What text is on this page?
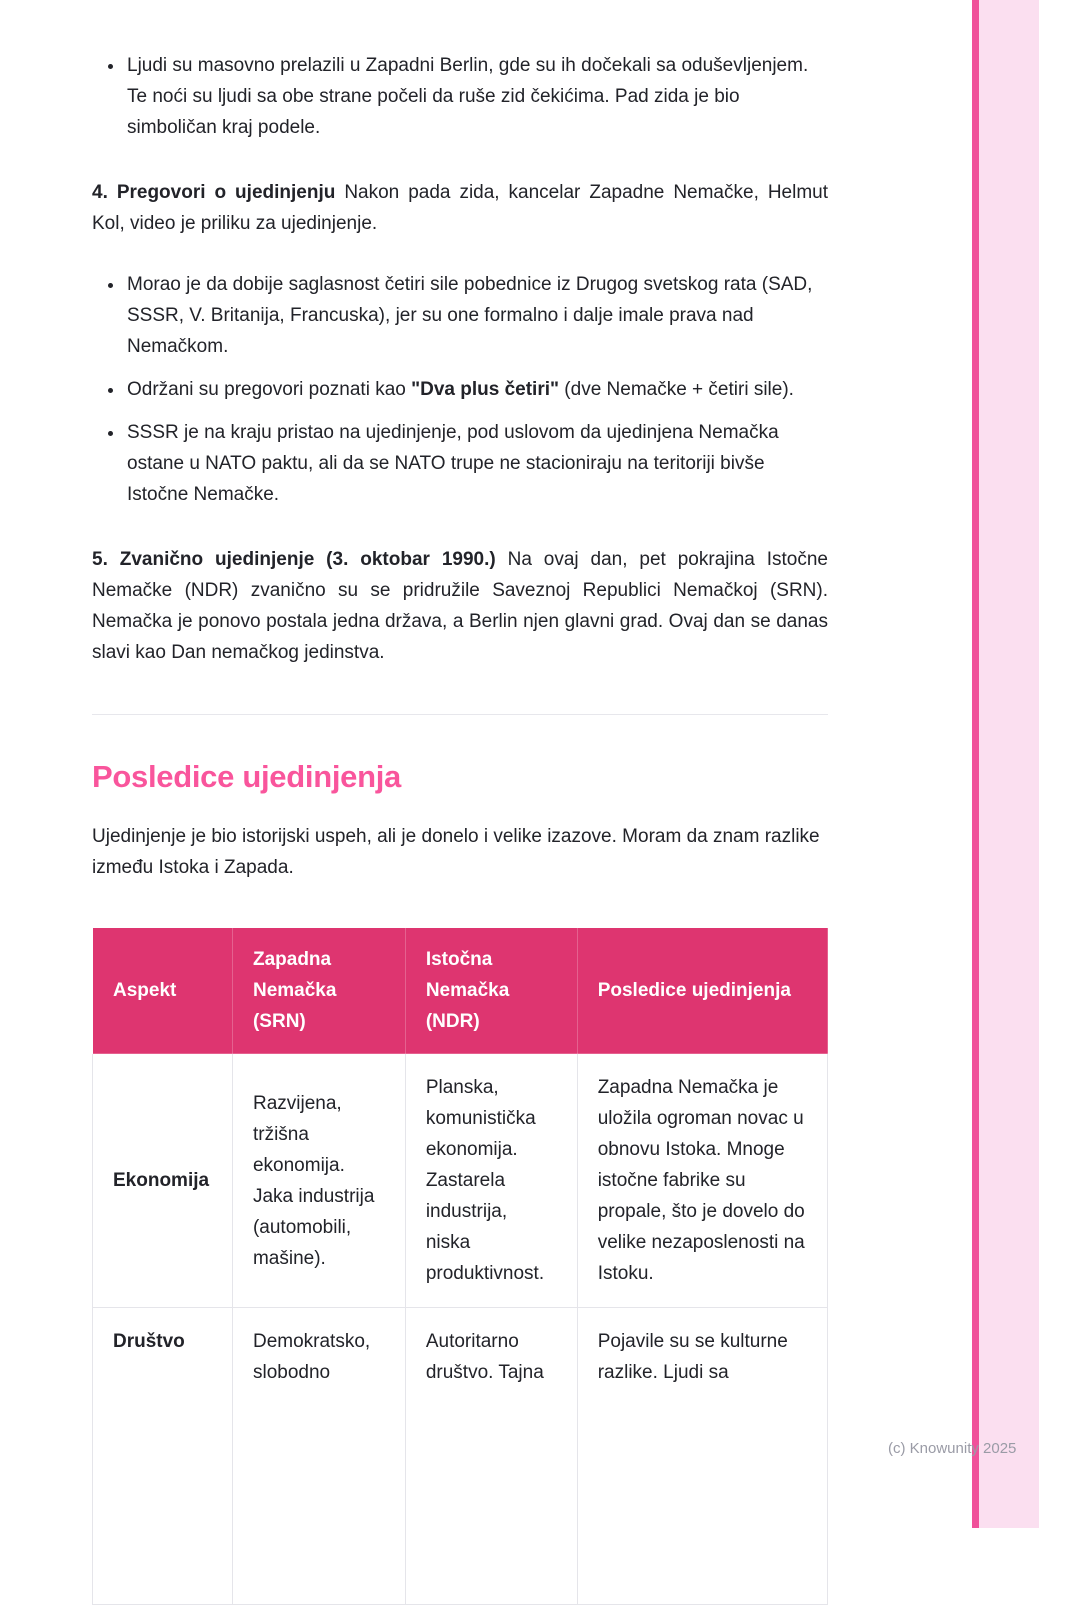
(c) Knowunity 2025
• Ljudi su masovno prelazili u Zapadni Berlin, gde su ih dočekali sa oduševljenjem. Te noći su ljudi sa obe strane počeli da ruše zid čekićima. Pad zida je bio simboličan kraj podele.

4. Pregovori o ujedinjenju Nakon pada zida, kancelar Zapadne Nemačke, Helmut Kol, video je priliku za ujedinjenje.

• Morao je da dobije saglasnost četiri sile pobednice iz Drugog svetskog rata (SAD, SSSR, V. Britanija, Francuska), jer su one formalno i dalje imale prava nad Nemačkom.
• Održani su pregovori poznati kao "Dva plus četiri" (dve Nemačke + četiri sile).
• SSSR je na kraju pristao na ujedinjenje, pod uslovom da ujedinjena Nemačka ostane u NATO paktu, ali da se NATO trupe ne stacioniraju na teritoriji bivše Istočne Nemačke.

5. Zvanično ujedinjenje (3. oktobar 1990.) Na ovaj dan, pet pokrajina Istočne Nemačke (NDR) zvanično su se pridružile Saveznoj Republici Nemačkoj (SRN). Nemačka je ponovo postala jedna država, a Berlin njen glavni grad. Ovaj dan se danas slavi kao Dan nemačkog jedinstva.

Posledice ujedinjenja

Ujedinjenje je bio istorijski uspeh, ali je donelo i velike izazove. Moram da znam razlike između Istoka i Zapada.

Aspekt	Zapadna Nemačka (SRN)	Istočna Nemačka (NDR)	Posledice ujedinjenja
Ekonomija	Razvijena, tržišna ekonomija. Jaka industrija (automobili, mašine).	Planska, komunistička ekonomija. Zastarela industrija, niska produktivnost.	Zapadna Nemačka je uložila ogroman novac u obnovu Istoka. Mnoge istočne fabrike su propale, što je dovelo do velike nezaposlenosti na Istoku.
Društvo	Demokratsko, slobodno	Autoritarno društvo. Tajna	Pojavile su se kulturne razlike. Ljudi sa
